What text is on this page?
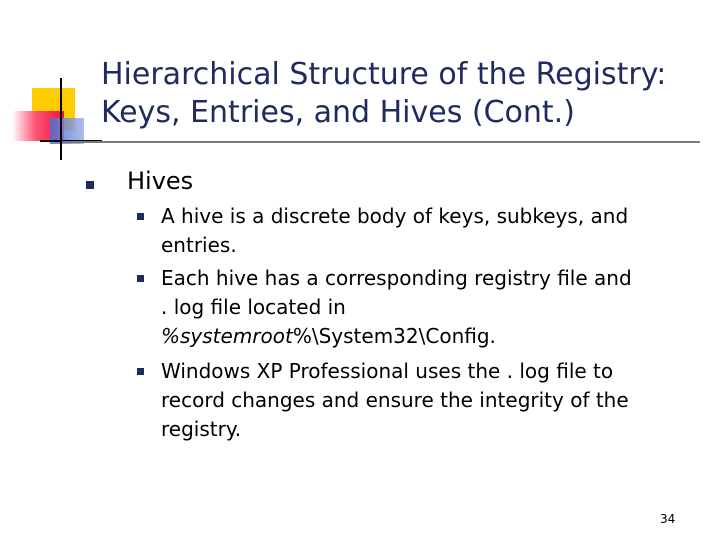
Hierarchical Structure of the Registry:
Keys, Entries, and Hives (Cont.)
Hives
A hive is a discrete body of keys, subkeys, and
entries.
Each hive has a corresponding registry file and
. log file located in
%systemroot%\System32\Config.
Windows XP Professional uses the . log file to
record changes and ensure the integrity of the
registry.
34
